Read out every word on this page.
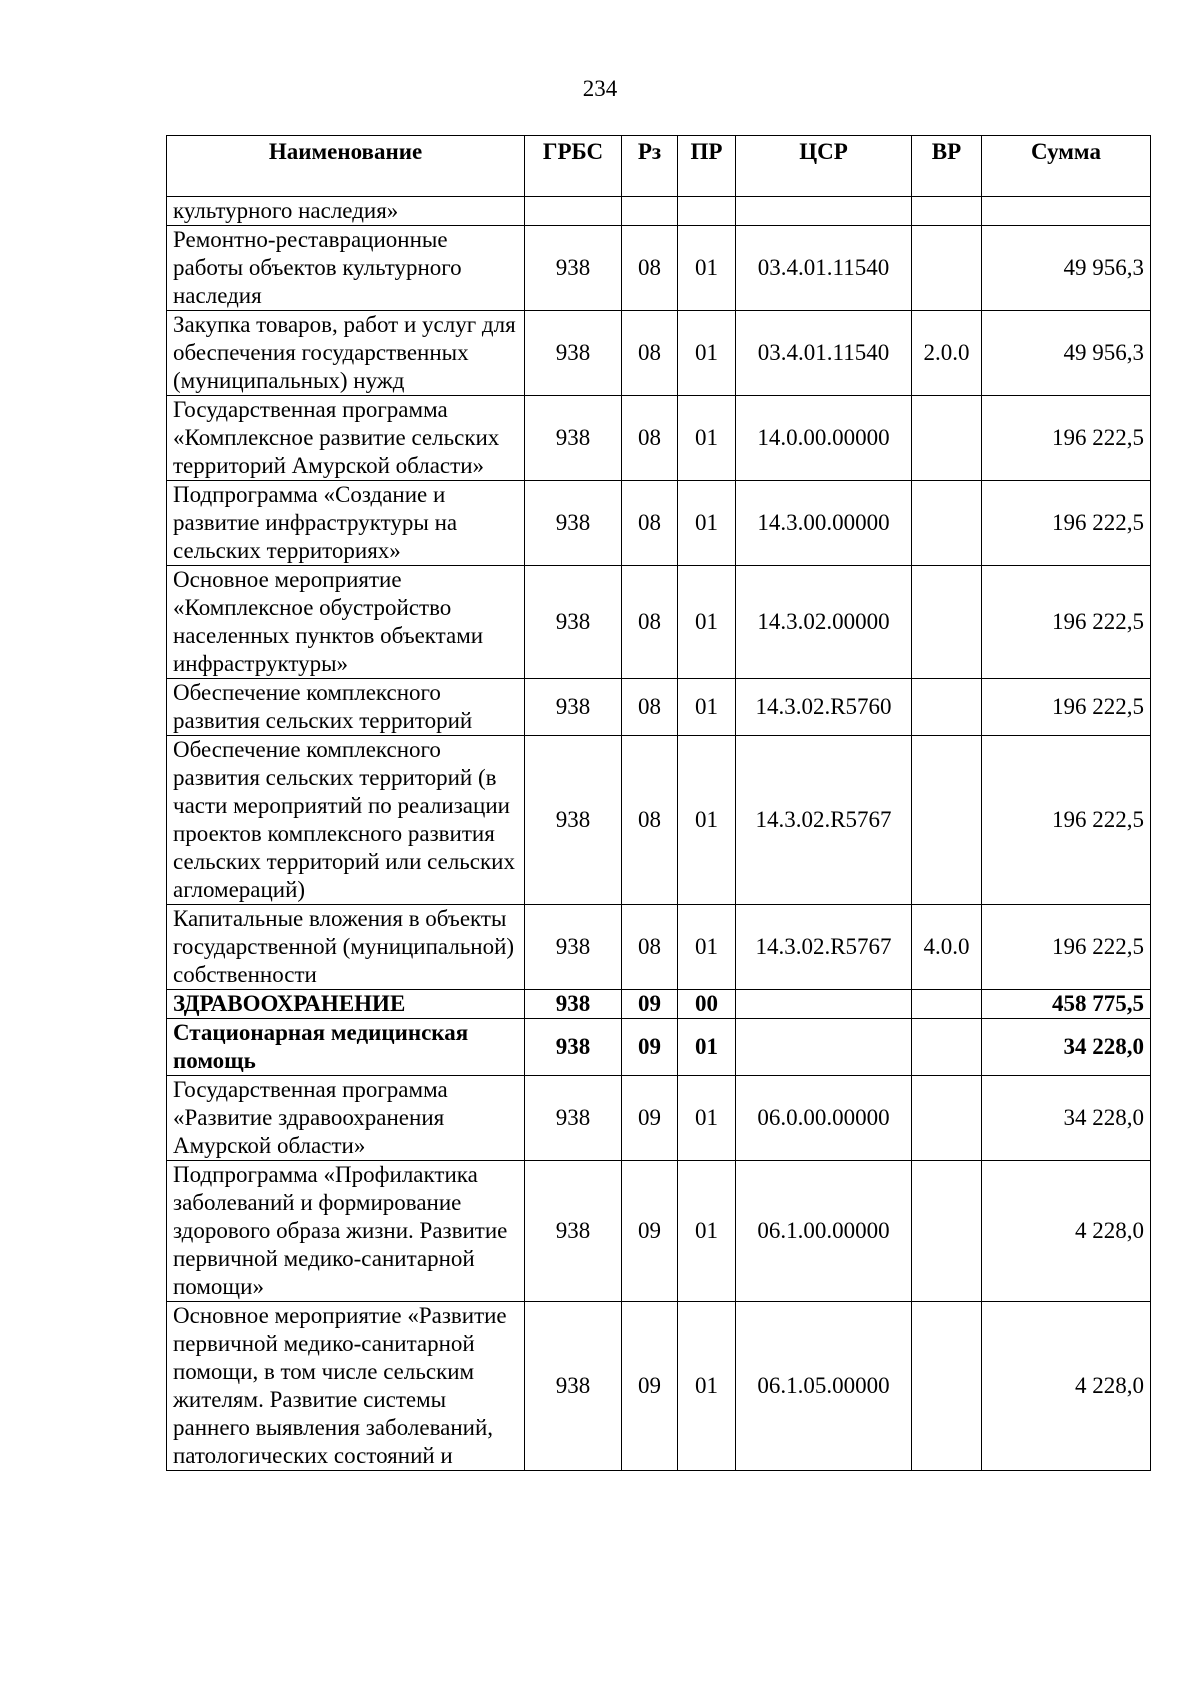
234
Наименование	ГРБС	Рз	ПР	ЦСР	ВР	Сумма
культурного наследия»						
Ремонтно-реставрационные работы объектов культурного наследия	938	08	01	03.4.01.11540		49 956,3
Закупка товаров, работ и услуг для обеспечения государственных (муниципальных) нужд	938	08	01	03.4.01.11540	2.0.0	49 956,3
Государственная программа «Комплексное развитие сельских территорий Амурской области»	938	08	01	14.0.00.00000		196 222,5
Подпрограмма «Создание и развитие инфраструктуры на сельских территориях»	938	08	01	14.3.00.00000		196 222,5
Основное мероприятие «Комплексное обустройство населенных пунктов объектами инфраструктуры»	938	08	01	14.3.02.00000		196 222,5
Обеспечение комплексного развития сельских территорий	938	08	01	14.3.02.R5760		196 222,5
Обеспечение комплексного развития сельских территорий (в части мероприятий по реализации проектов комплексного развития сельских территорий или сельских агломераций)	938	08	01	14.3.02.R5767		196 222,5
Капитальные вложения в объекты государственной (муниципальной) собственности	938	08	01	14.3.02.R5767	4.0.0	196 222,5
ЗДРАВООХРАНЕНИЕ	938	09	00			458 775,5
Стационарная медицинская помощь	938	09	01			34 228,0
Государственная программа «Развитие здравоохранения Амурской области»	938	09	01	06.0.00.00000		34 228,0
Подпрограмма «Профилактика заболеваний и формирование здорового образа жизни. Развитие первичной медико-санитарной помощи»	938	09	01	06.1.00.00000		4 228,0
Основное мероприятие «Развитие первичной медико-санитарной помощи, в том числе сельским жителям. Развитие системы раннего выявления заболеваний, патологических состояний и	938	09	01	06.1.05.00000		4 228,0
